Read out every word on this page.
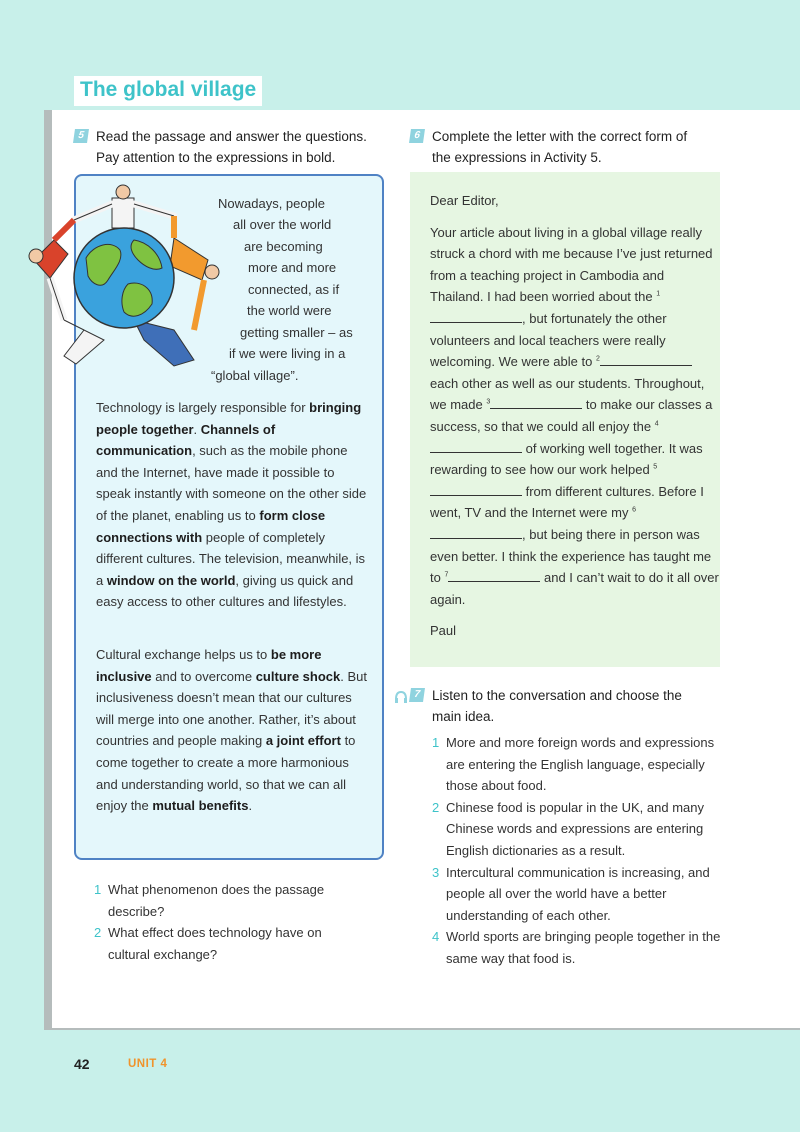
The global village
5 Read the passage and answer the questions.
Pay attention to the expressions in bold.
Nowadays, people
all over the world
are becoming
more and more
connected, as if
the world were
getting smaller – as
if we were living in a
“global village”.
Technology is largely responsible for bringing people together. Channels of communication, such as the mobile phone and the Internet, have made it possible to speak instantly with someone on the other side of the planet, enabling us to form close connections with people of completely different cultures. The television, meanwhile, is a window on the world, giving us quick and easy access to other cultures and lifestyles.
Cultural exchange helps us to be more inclusive and to overcome culture shock. But inclusiveness doesn’t mean that our cultures will merge into one another. Rather, it’s about countries and people making a joint effort to come together to create a more harmonious and understanding world, so that we can all enjoy the mutual benefits.
1 What phenomenon does the passage
describe?
2 What effect does technology have on
cultural exchange?
6 Complete the letter with the correct form of
the expressions in Activity 5.

Dear Editor,

Your article about living in a global village really struck a chord with me because I’ve just returned from a teaching project in Cambodia and Thailand. I had been worried about the $^1$, but fortunately the other volunteers and local teachers were really welcoming. We were able to $^2$ each other as well as our students. Throughout, we made $^3$	to make our classes a success, so that we could all enjoy the $^4$ of working well together. It was rewarding to see how our work helped $^5$ from different cultures. Before I went, TV and the Internet were my $^6$, but being there in person was even better. I think the experience has taught me to $^7$	and I can’t wait to do it all over again.

Paul

7 Listen to the conversation and choose the
main idea.
1 More and more foreign words and expressions are entering the English language, especially those about food.
2 Chinese food is popular in the UK, and many Chinese words and expressions are entering English dictionaries as a result.
3 Intercultural communication is increasing, and people all over the world have a better understanding of each other.
4 World sports are bringing people together in the same way that food is.
42	UNIT 4
